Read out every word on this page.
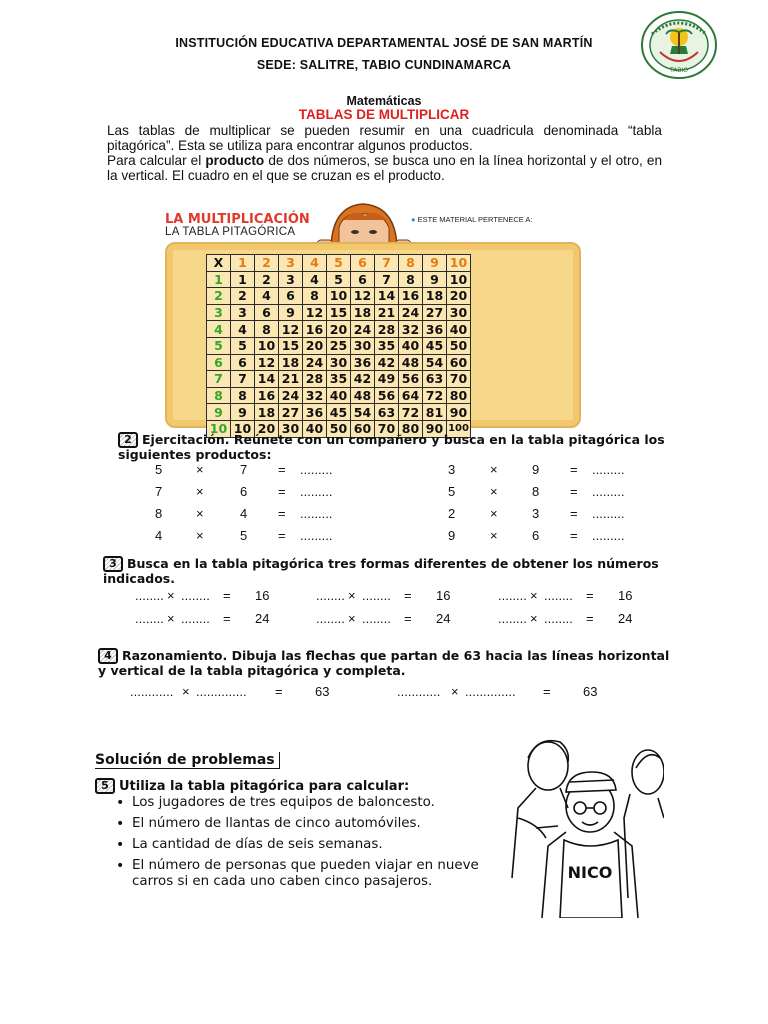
INSTITUCIÓN EDUCATIVA DEPARTAMENTAL JOSÉ DE SAN MARTÍN
SEDE: SALITRE, TABIO CUNDINAMARCA	TABIO
Matemáticas
TABLAS DE MULTIPLICAR

Las tablas de multiplicar se pueden resumir en una cuadricula denominada “tabla pitagórica”. Esta se utiliza para encontrar algunos productos.

Para calcular el producto de dos números, se busca uno en la línea horizontal y el otro, en la vertical. El cuadro en el que se cruzan es el producto.

LA MULTIPLICACIÓN
LA TABLA PITAGÓRICA
● ESTE MATERIAL PERTENECE A:
X	1	2	3	4	5	6	7	8	9	10
1	1	2	3	4	5	6	7	8	9	10
2	2	4	6	8	10	12	14	16	18	20
3	3	6	9	12	15	18	21	24	27	30
4	4	8	12	16	20	24	28	32	36	40
5	5	10	15	20	25	30	35	40	45	50
6	6	12	18	24	30	36	42	48	54	60
7	7	14	21	28	35	42	49	56	63	70
8	8	16	24	32	40	48	56	64	72	80
9	9	18	27	36	45	54	63	72	81	90
10	10	20	30	40	50	60	70	80	90	100
2 Ejercitación. Reúnete con un compañero y busca en la tabla pitagórica los siguientes productos:
5	×	7 = .........	3	×	9 = .........
7	×	6 = .........	5	×	8 = .........
8	×	4 = .........	2	×	3 = .........
4	×	5 = .........	9	×	6 = .........
3 Busca en la tabla pitagórica tres formas diferentes de obtener los números indicados.
........ × ........ = 16	........ × ........ = 16	........ × ........ = 16
........ × ........ = 24	........ × ........ = 24	........ × ........ = 24
4 Razonamiento. Dibuja las flechas que partan de 63 hacia las líneas horizontal y vertical de la tabla pitagórica y completa.
............ × .............. = 63	............ × .............. = 63
Solución de problemas
5 Utiliza la tabla pitagórica para calcular:
• Los jugadores de tres equipos de baloncesto.
• El número de llantas de cinco automóviles.
• La cantidad de días de seis semanas.
• El número de personas que pueden viajar en nueve carros si en cada uno caben cinco pasajeros.	NICO
